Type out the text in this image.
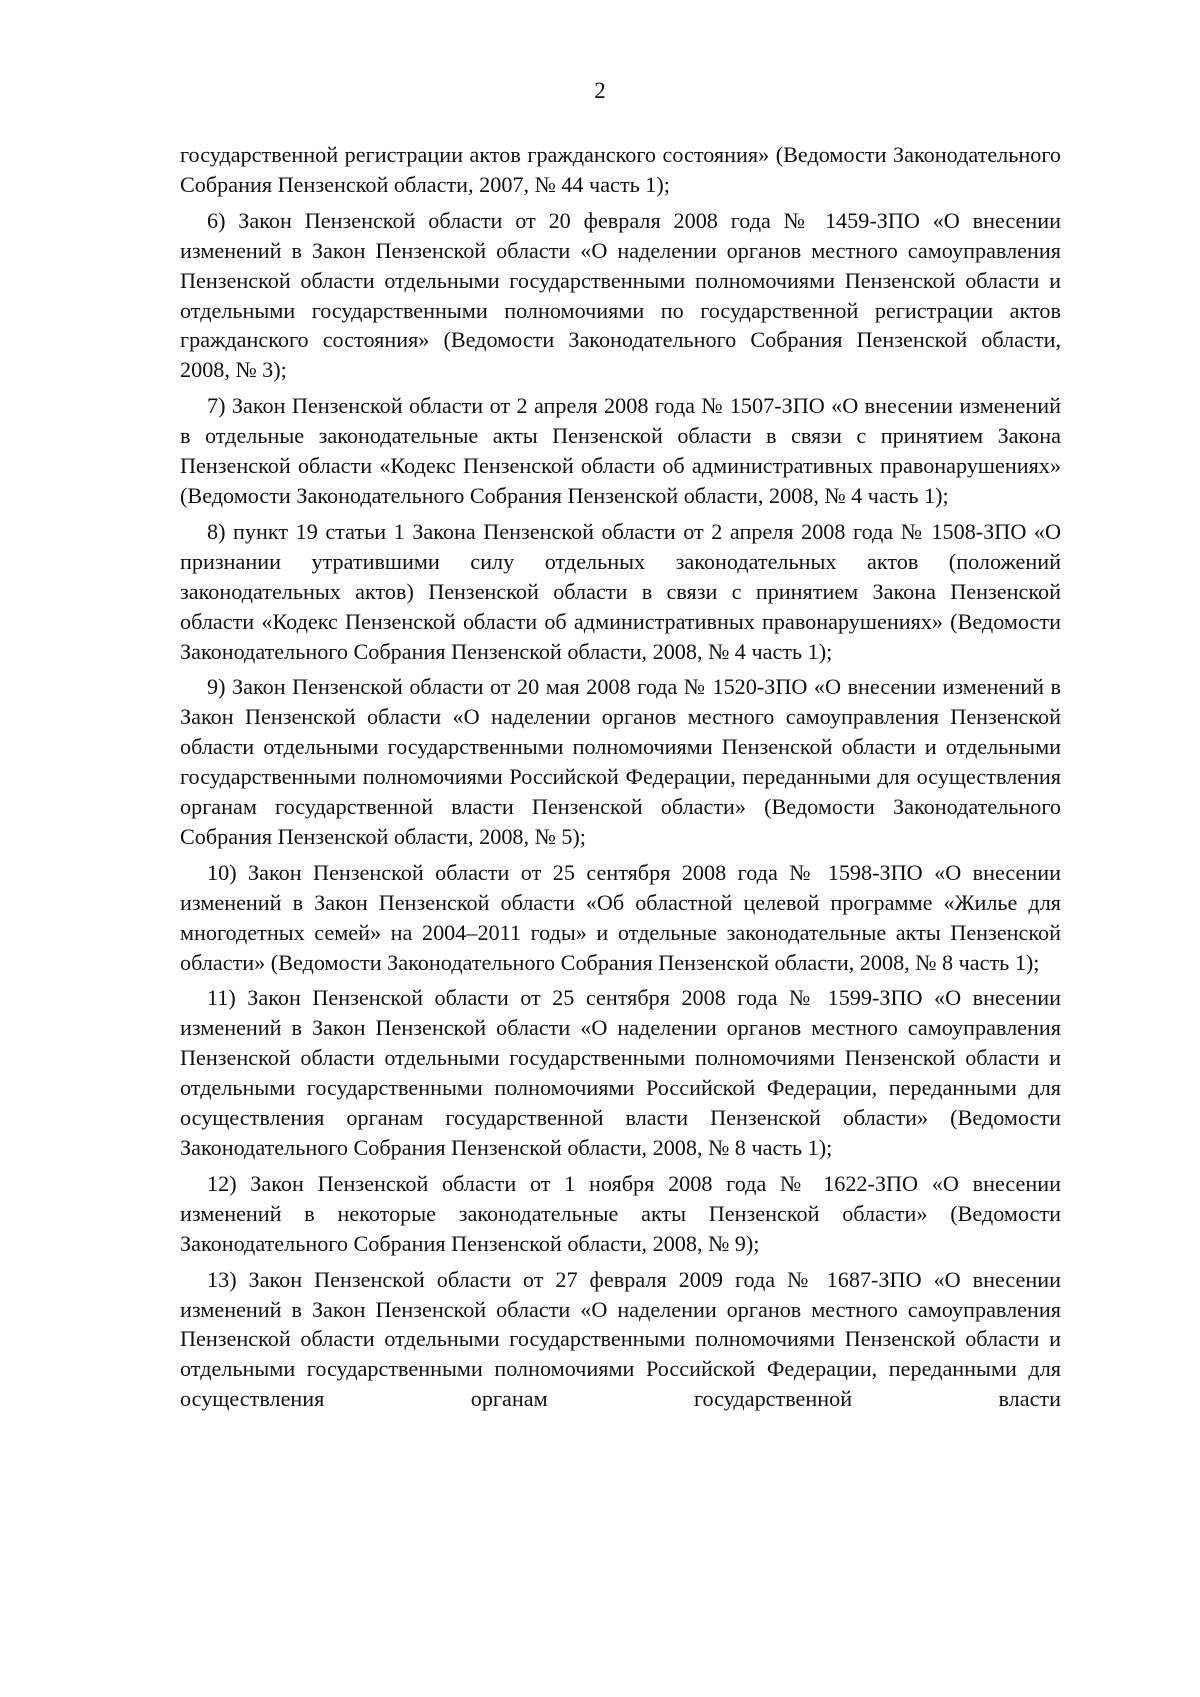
2

государственной регистрации актов гражданского состояния» (Ведомости Законодательного Собрания Пензенской области, 2007, № 44 часть 1);

6) Закон Пензенской области от 20 февраля 2008 года № 1459-ЗПО «О внесении изменений в Закон Пензенской области «О наделении органов местного самоуправления Пензенской области отдельными государственными полномочиями Пензенской области и отдельными государственными полномочиями по государственной регистрации актов гражданского состояния» (Ведомости Законодательного Собрания Пензенской области, 2008, № 3);

7) Закон Пензенской области от 2 апреля 2008 года № 1507-ЗПО «О внесении изменений в отдельные законодательные акты Пензенской области в связи с принятием Закона Пензенской области «Кодекс Пензенской области об административных правонарушениях» (Ведомости Законодательного Собрания Пензенской области, 2008, № 4 часть 1);

8) пункт 19 статьи 1 Закона Пензенской области от 2 апреля 2008 года № 1508-ЗПО «О признании утратившими силу отдельных законодательных актов (положений законодательных актов) Пензенской области в связи с принятием Закона Пензенской области «Кодекс Пензенской области об административных правонарушениях» (Ведомости Законодательного Собрания Пензенской области, 2008, № 4 часть 1);

9) Закон Пензенской области от 20 мая 2008 года № 1520-ЗПО «О внесении изменений в Закон Пензенской области «О наделении органов местного самоуправления Пензенской области отдельными государственными полномочиями Пензенской области и отдельными государственными полномочиями Российской Федерации, переданными для осуществления органам государственной власти Пензенской области» (Ведомости Законодательного Собрания Пензенской области, 2008, № 5);

10) Закон Пензенской области от 25 сентября 2008 года № 1598-ЗПО «О внесении изменений в Закон Пензенской области «Об областной целевой программе «Жилье для многодетных семей» на 2004–2011 годы» и отдельные законодательные акты Пензенской области» (Ведомости Законодательного Собрания Пензенской области, 2008, № 8 часть 1);

11) Закон Пензенской области от 25 сентября 2008 года № 1599-ЗПО «О внесении изменений в Закон Пензенской области «О наделении органов местного самоуправления Пензенской области отдельными государственными полномочиями Пензенской области и отдельными государственными полномочиями Российской Федерации, переданными для осуществления органам государственной власти Пензенской области» (Ведомости Законодательного Собрания Пензенской области, 2008, № 8 часть 1);

12) Закон Пензенской области от 1 ноября 2008 года № 1622-ЗПО «О внесении изменений в некоторые законодательные акты Пензенской области» (Ведомости Законодательного Собрания Пензенской области, 2008, № 9);

13) Закон Пензенской области от 27 февраля 2009 года № 1687-ЗПО «О внесении изменений в Закон Пензенской области «О наделении органов местного самоуправления Пензенской области отдельными государственными полномочиями Пензенской области и отдельными государственными полномочиями Российской Федерации, переданными для осуществления органам государственной власти
